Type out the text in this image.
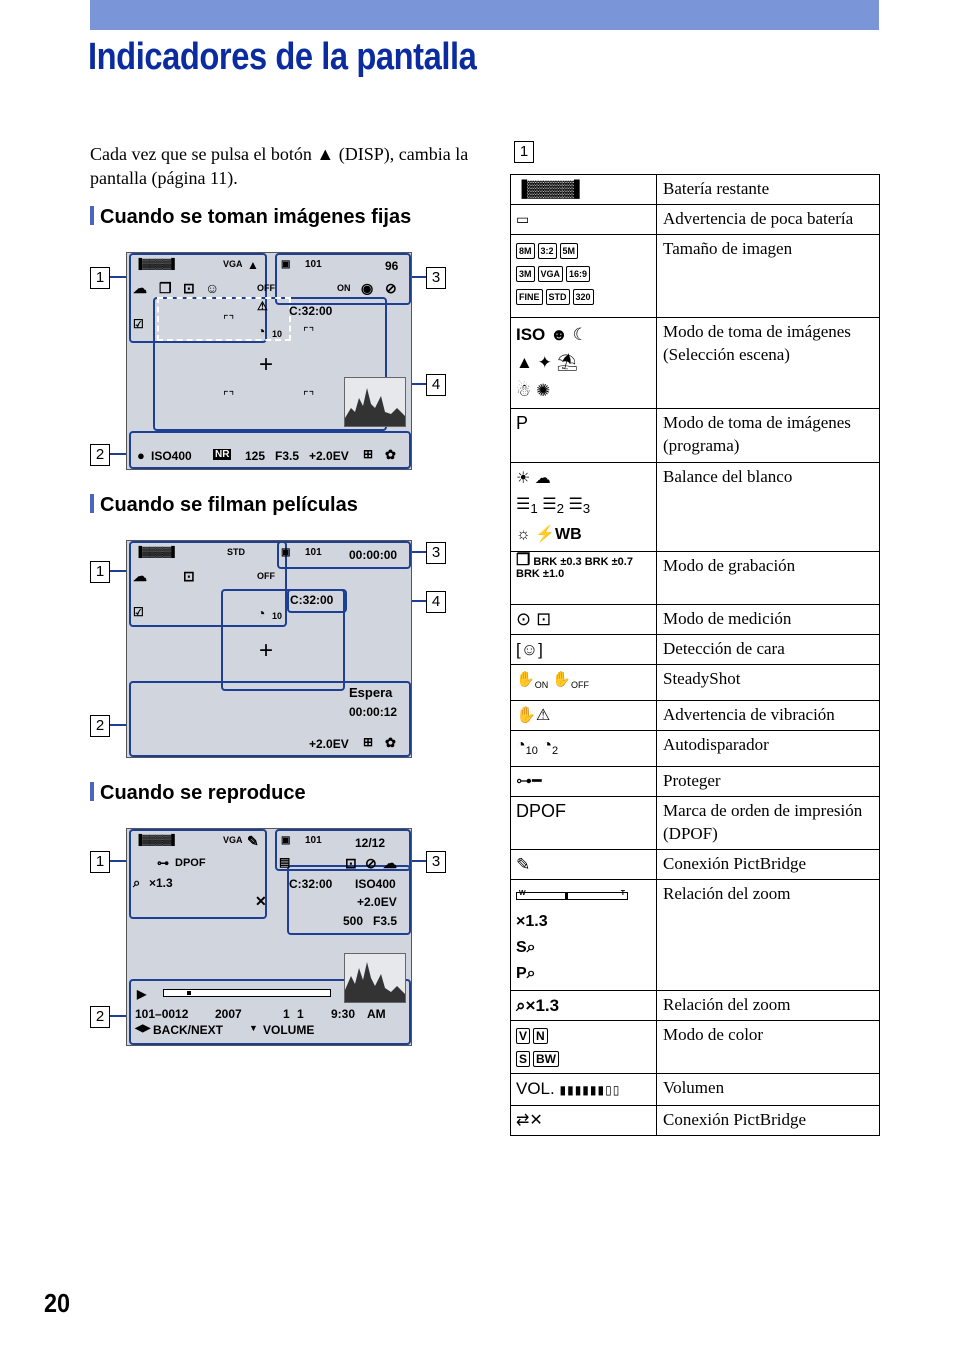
Indicadores de la pantalla
Cada vez que se pulsa el botón ▲ (DISP), cambia la pantalla (página 11).
Cuando se toman imágenes fijas
1
2
3
4
▐▓▓▓▓▌	VGA ▲ ▣ 101	96
☁ ❐ ⊡ ☺	OFF
⚠
ON ◉ ⊘
☑
C:32:00
◔ 10
+
⌜⌝
⌜⌝
⌜⌝	⌜⌝
● ISO400 NR 125 F3.5 +2.0EV ⊞ ✿
Cuando se filman películas
1
2
3
4
▐▓▓▓▓▌	STD	▣ 101 00:00:00
☁	⊡	OFF
☑	◔ 10
C:32:00
+
Espera
00:00:12
+2.0EV ⊞ ✿
Cuando se reproduce
1
2
3
▐▓▓▓▓▌	VGA ✎ ▣ 101	12/12
⊶ DPOF	▤	⊡ ⊘ ☁
⌕ ×1.3	C:32:00 ISO400
+2.0EV
✕
500 F3.5
▶
101–0012 2007	1 1 9:30 AM
◀▶ BACK/NEXT	▼ VOLUME
1
▐▓▓▓▓▌	Batería restante
▭	Advertencia de poca batería
8M 3:2 5M
3M VGA 16:9
FINE STD 320	Tamaño de imagen
ISO ☻ ☾
▲ ✦ ⛱
☃ ✺	Modo de toma de imágenes (Selección escena)
P	Modo de toma de imágenes (programa)
☀ ☁
$☰_1$ $☰_2$ $☰_3$
☼ ⚡WB	Balance del blanco
❐ BRK ±0.3 BRK ±0.7
BRK ±1.0	Modo de grabación
⊙ ⊡	Modo de medición
[☺]	Detección de cara
$✋_{ON}$ $✋_{OFF}$	SteadyShot
✋⚠	Advertencia de vibración
$◔_{10}$ $◔_2$	Autodisparador
⊶━	Proteger
DPOF	Marca de orden de impresión (DPOF)
✎	Conexión PictBridge

W T

×1.3
S⌕
P⌕	Relación del zoom
⌕×1.3	Relación del zoom
V N
S BW	Modo de color
VOL. ▮▮▮▮▮▮▯▯	Volumen
⇄✕	Conexión PictBridge
20
